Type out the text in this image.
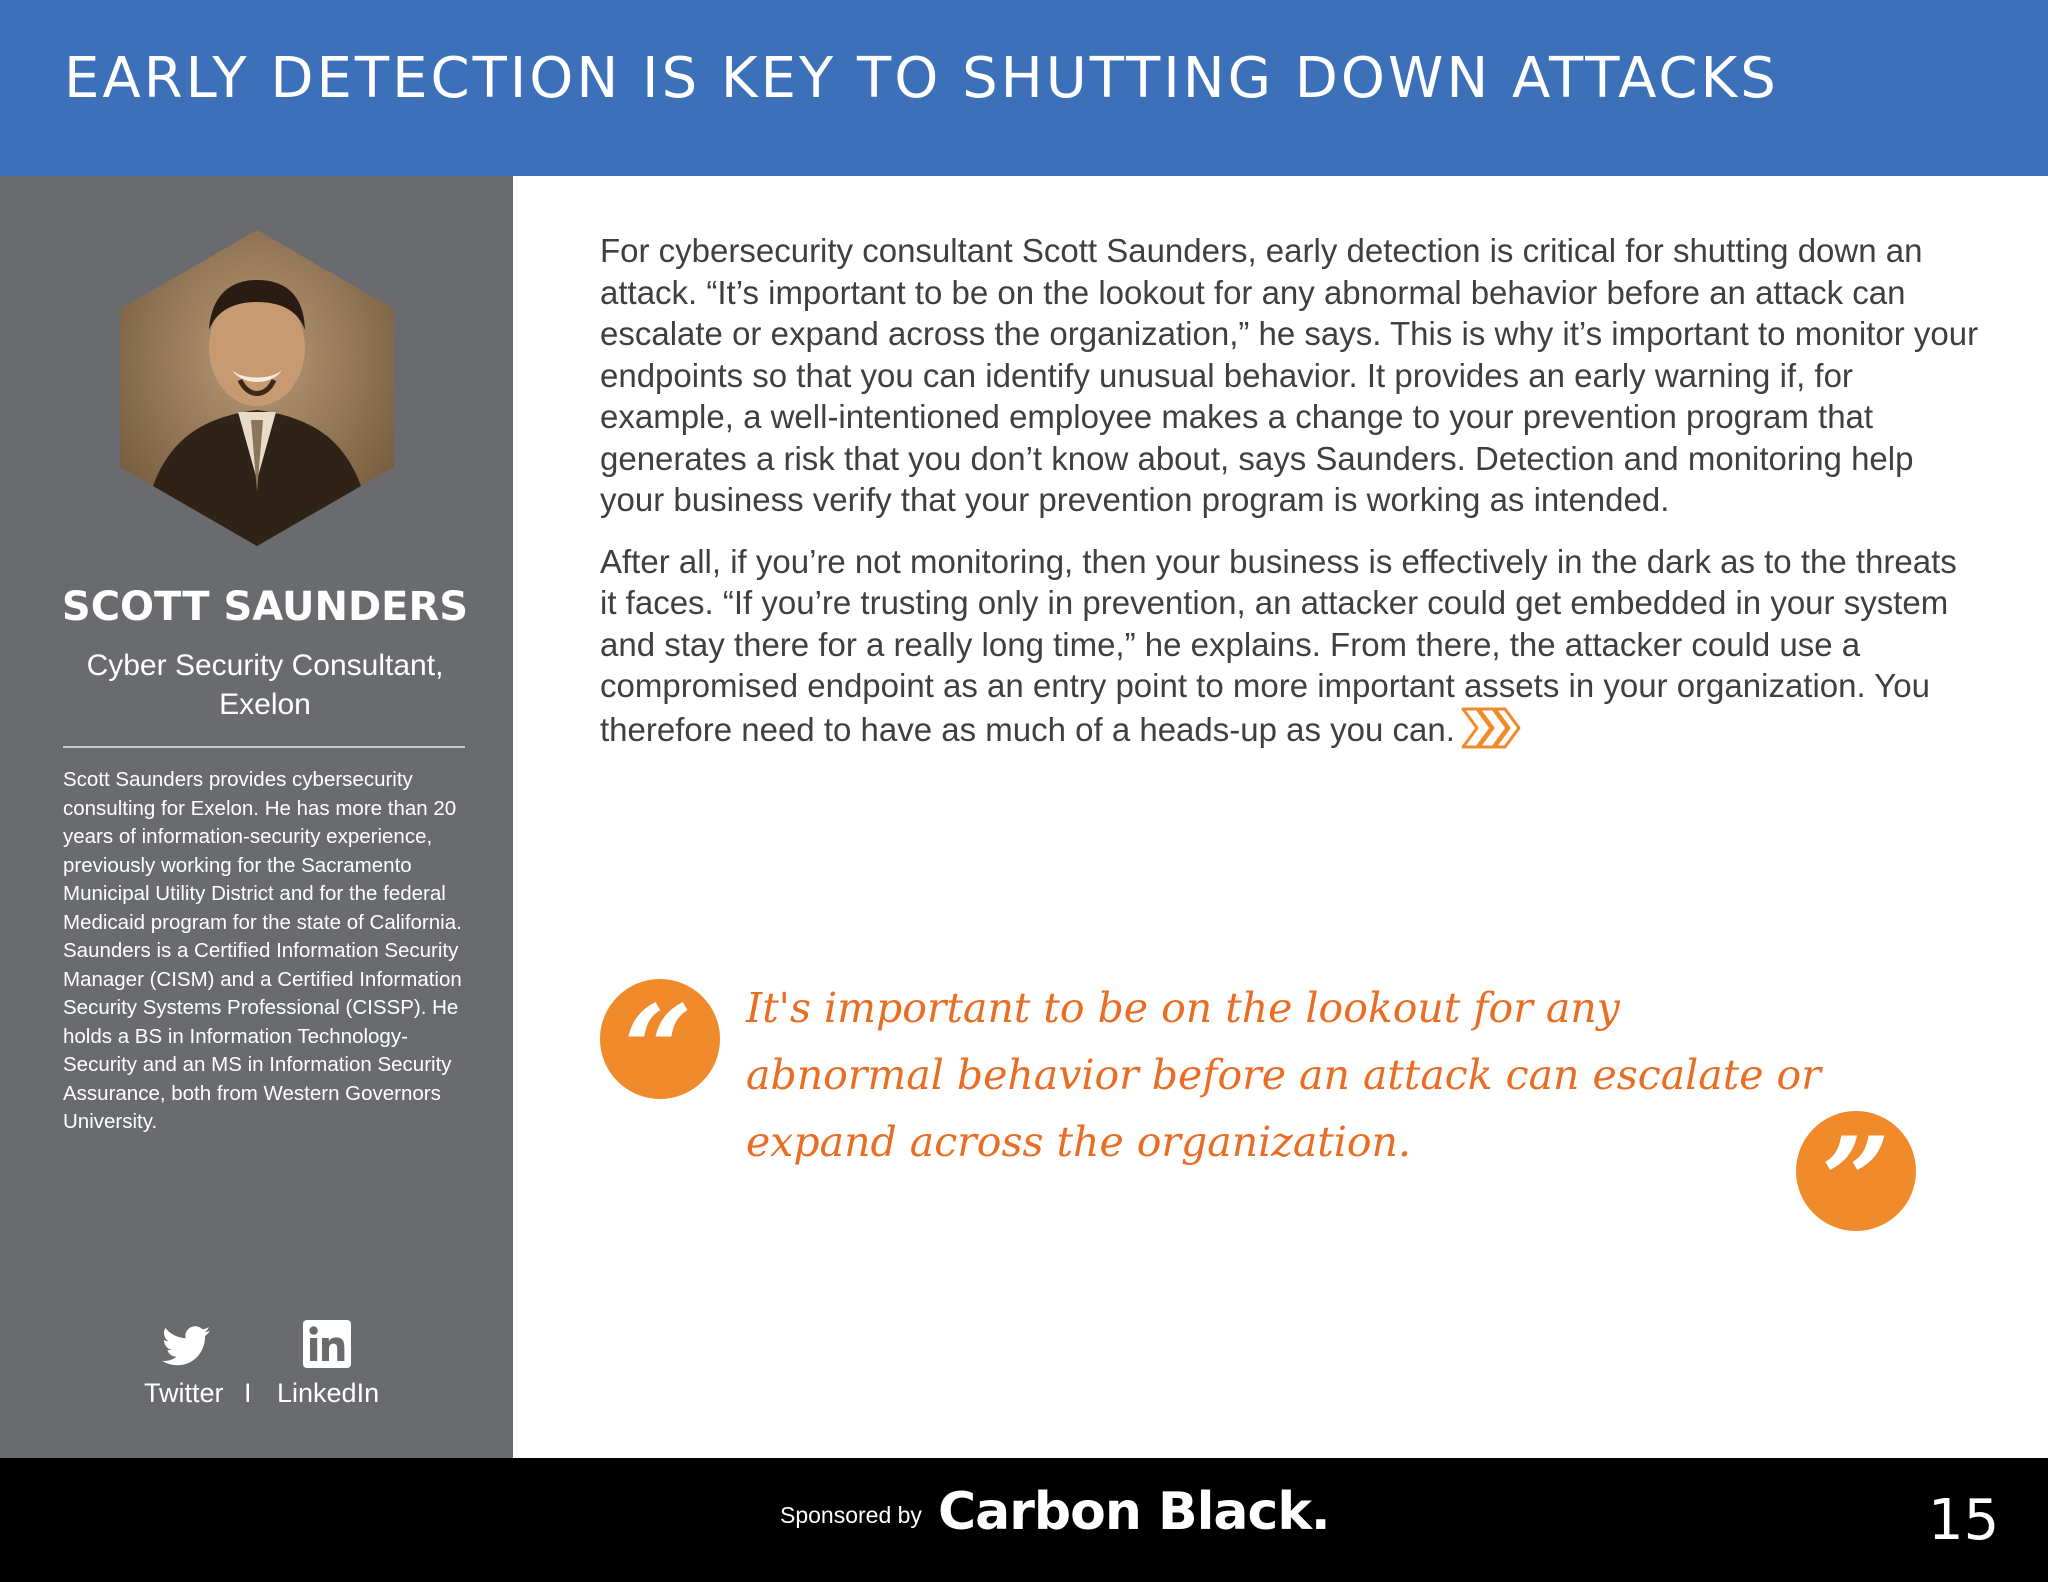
EARLY DETECTION IS KEY TO SHUTTING DOWN ATTACKS
SCOTT SAUNDERS
Cyber Security Consultant,
Exelon
Scott Saunders provides cybersecurity consulting for Exelon. He has more than 20 years of information-security experience, previously working for the Sacramento Municipal Utility District and for the federal Medicaid program for the state of California. Saunders is a Certified Information Security Manager (CISM) and a Certified Information Security Systems Professional (CISSP). He holds a BS in Information Technology-Security and an MS in Information Security Assurance, both from Western Governors University.
Twitter I LinkedIn

For cybersecurity consultant Scott Saunders, early detection is critical for shutting down an attack. “It’s important to be on the lookout for any abnormal behavior before an attack can escalate or expand across the organization,” he says. This is why it’s important to monitor your endpoints so that you can identify unusual behavior. It provides an early warning if, for example, a well-intentioned employee makes a change to your prevention program that generates a risk that you don’t know about, says Saunders. Detection and monitoring help your business verify that your prevention program is working as intended.

After all, if you’re not monitoring, then your business is effectively in the dark as to the threats it faces. “If you’re trusting only in prevention, an attacker could get embedded in your system and stay there for a really long time,” he explains. From there, the attacker could use a compromised endpoint as an entry point to more important assets in your organization. You therefore need to have as much of a heads-up as you can.

“ It's important to be on the lookout for any abnormal behavior before an attack can escalate or expand across the organization.	”
Sponsored by Carbon Black.	15
